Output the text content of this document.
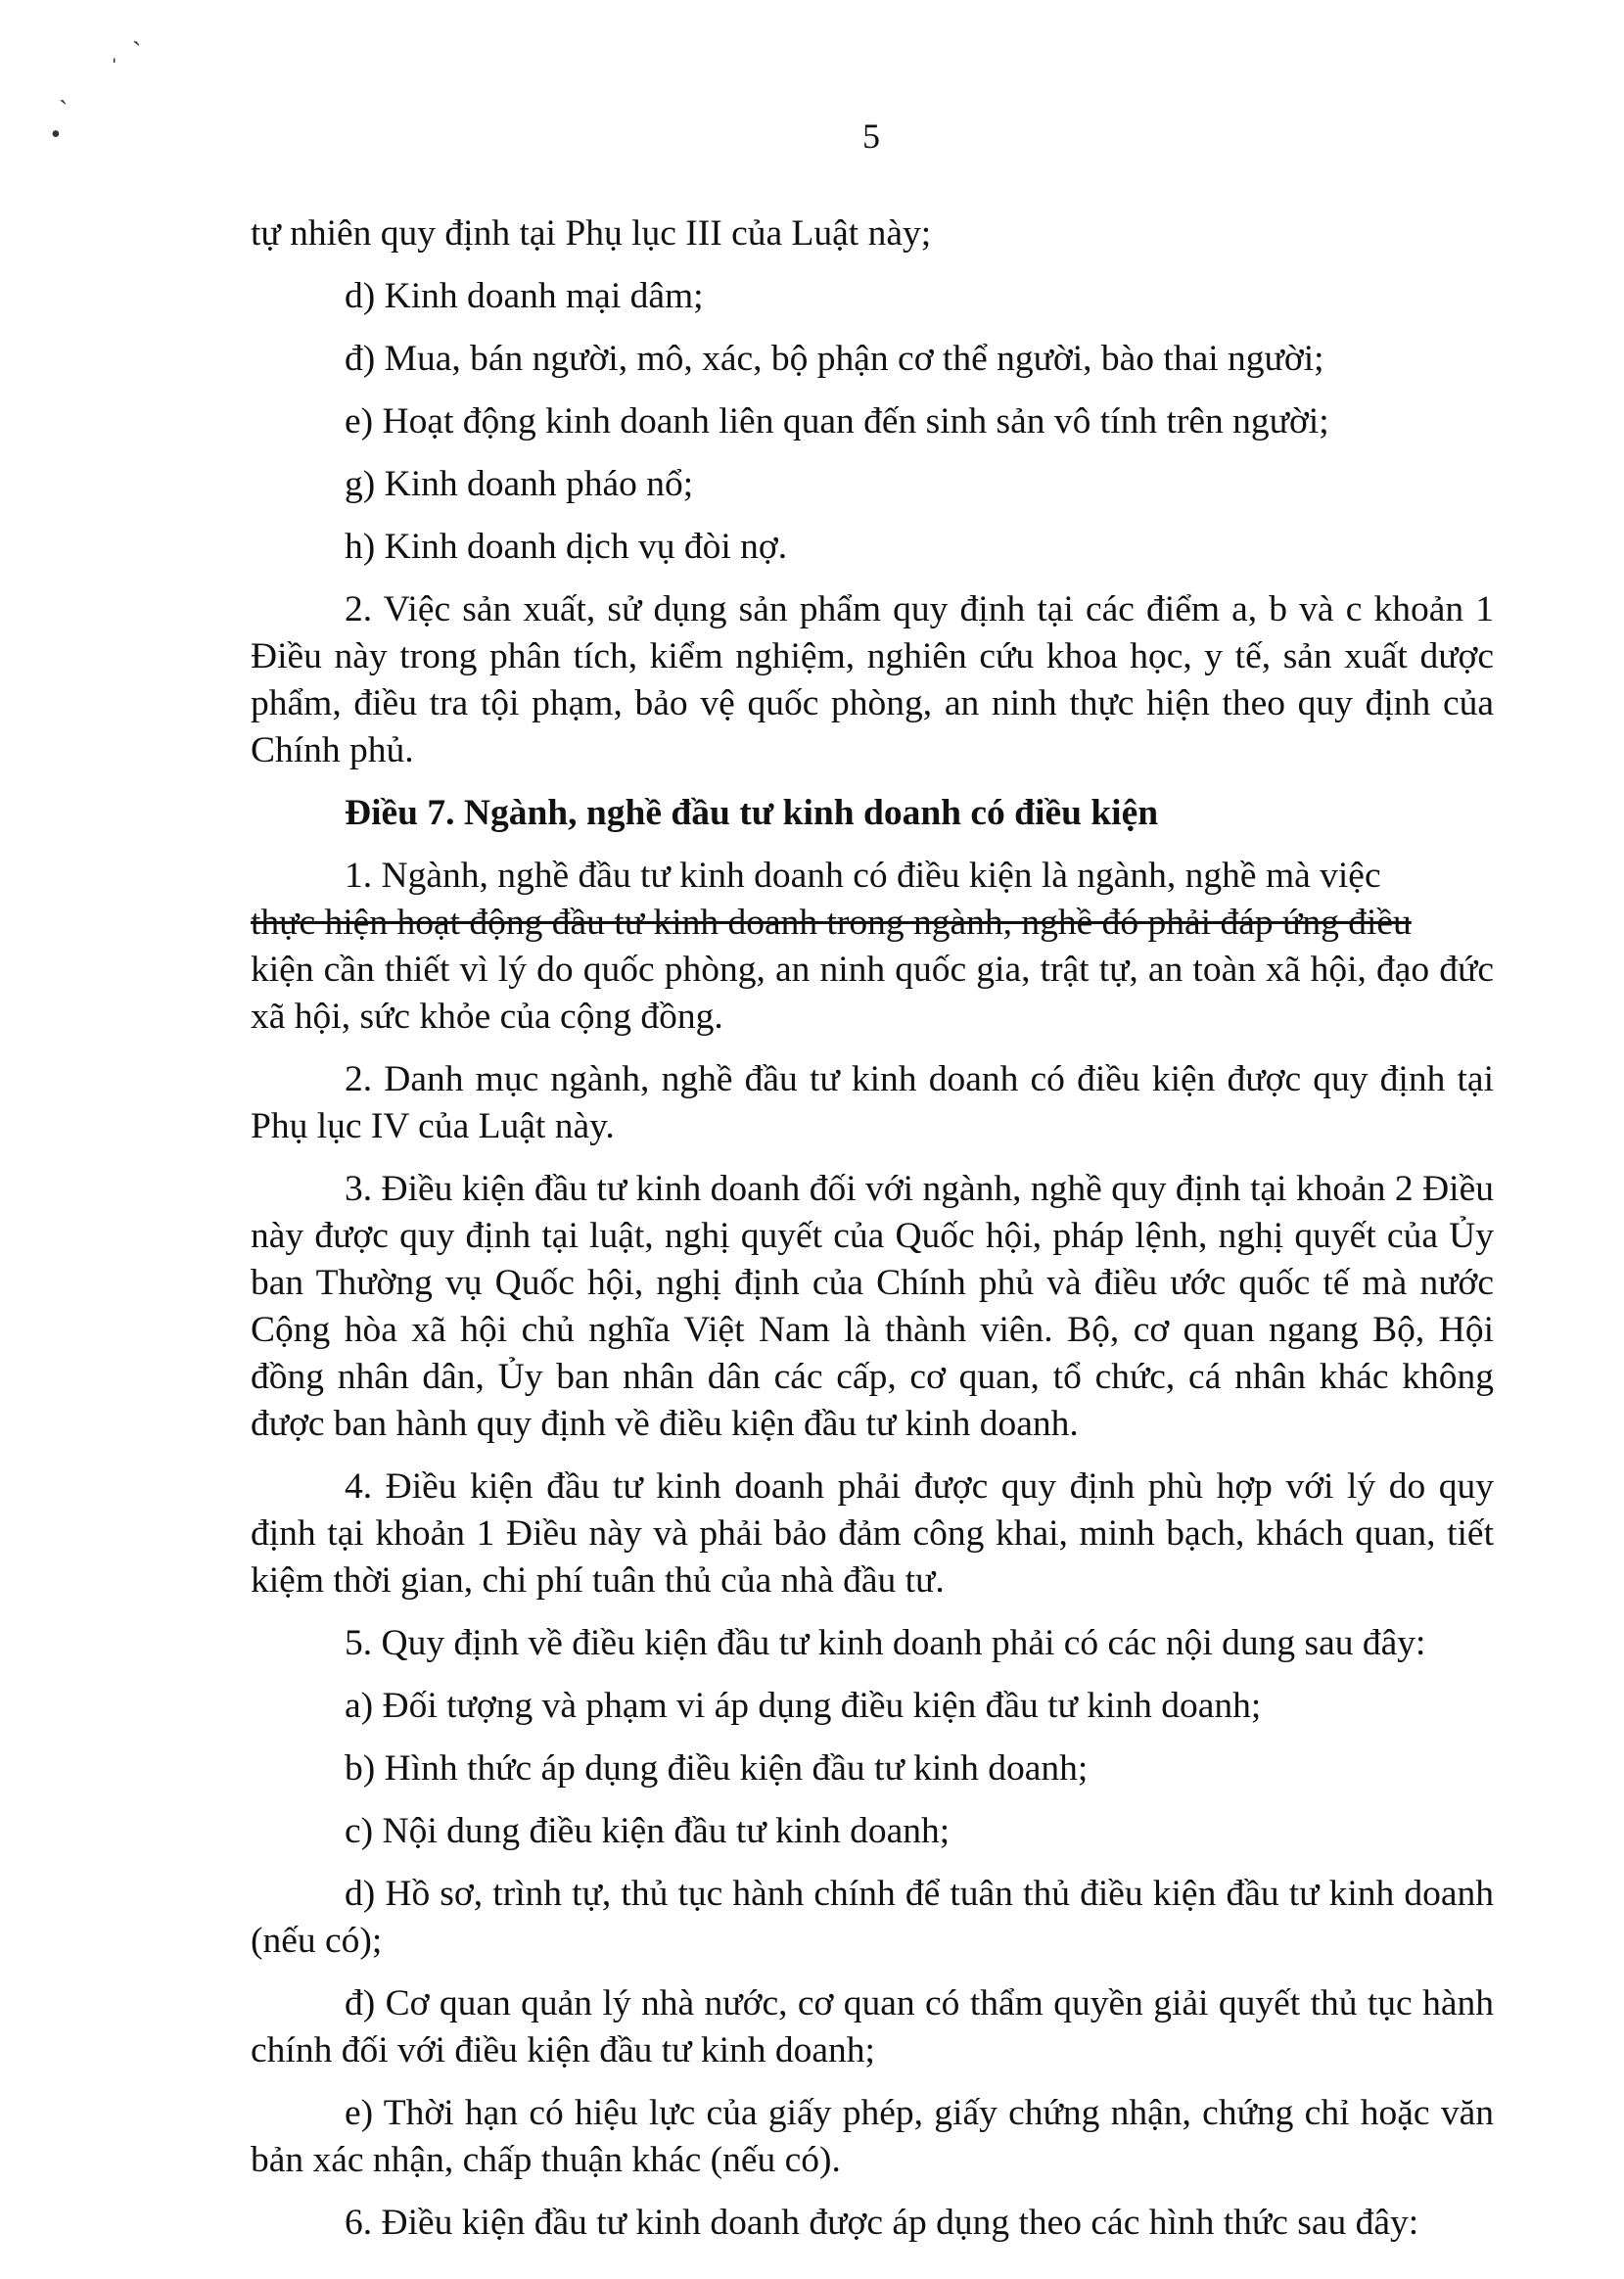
ˌ ˋ
ˋ
•	5

tự nhiên quy định tại Phụ lục III của Luật này;

d) Kinh doanh mại dâm;

đ) Mua, bán người, mô, xác, bộ phận cơ thể người, bào thai người;

e) Hoạt động kinh doanh liên quan đến sinh sản vô tính trên người;

g) Kinh doanh pháo nổ;

h) Kinh doanh dịch vụ đòi nợ.

2. Việc sản xuất, sử dụng sản phẩm quy định tại các điểm a, b và c khoản 1 Điều này trong phân tích, kiểm nghiệm, nghiên cứu khoa học, y tế, sản xuất dược phẩm, điều tra tội phạm, bảo vệ quốc phòng, an ninh thực hiện theo quy định của Chính phủ.

Điều 7. Ngành, nghề đầu tư kinh doanh có điều kiện

1. Ngành, nghề đầu tư kinh doanh có điều kiện là ngành, nghề mà việc

thực hiện hoạt động đầu tư kinh doanh trong ngành, nghề đó phải đáp ứng điều

kiện cần thiết vì lý do quốc phòng, an ninh quốc gia, trật tự, an toàn xã hội, đạo đức xã hội, sức khỏe của cộng đồng.

2. Danh mục ngành, nghề đầu tư kinh doanh có điều kiện được quy định tại Phụ lục IV của Luật này.

3. Điều kiện đầu tư kinh doanh đối với ngành, nghề quy định tại khoản 2 Điều này được quy định tại luật, nghị quyết của Quốc hội, pháp lệnh, nghị quyết của Ủy ban Thường vụ Quốc hội, nghị định của Chính phủ và điều ước quốc tế mà nước Cộng hòa xã hội chủ nghĩa Việt Nam là thành viên. Bộ, cơ quan ngang Bộ, Hội đồng nhân dân, Ủy ban nhân dân các cấp, cơ quan, tổ chức, cá nhân khác không được ban hành quy định về điều kiện đầu tư kinh doanh.

4. Điều kiện đầu tư kinh doanh phải được quy định phù hợp với lý do quy định tại khoản 1 Điều này và phải bảo đảm công khai, minh bạch, khách quan, tiết kiệm thời gian, chi phí tuân thủ của nhà đầu tư.

5. Quy định về điều kiện đầu tư kinh doanh phải có các nội dung sau đây:

a) Đối tượng và phạm vi áp dụng điều kiện đầu tư kinh doanh;

b) Hình thức áp dụng điều kiện đầu tư kinh doanh;

c) Nội dung điều kiện đầu tư kinh doanh;

d) Hồ sơ, trình tự, thủ tục hành chính để tuân thủ điều kiện đầu tư kinh doanh (nếu có);

đ) Cơ quan quản lý nhà nước, cơ quan có thẩm quyền giải quyết thủ tục hành chính đối với điều kiện đầu tư kinh doanh;

e) Thời hạn có hiệu lực của giấy phép, giấy chứng nhận, chứng chỉ hoặc văn bản xác nhận, chấp thuận khác (nếu có).

6. Điều kiện đầu tư kinh doanh được áp dụng theo các hình thức sau đây:
